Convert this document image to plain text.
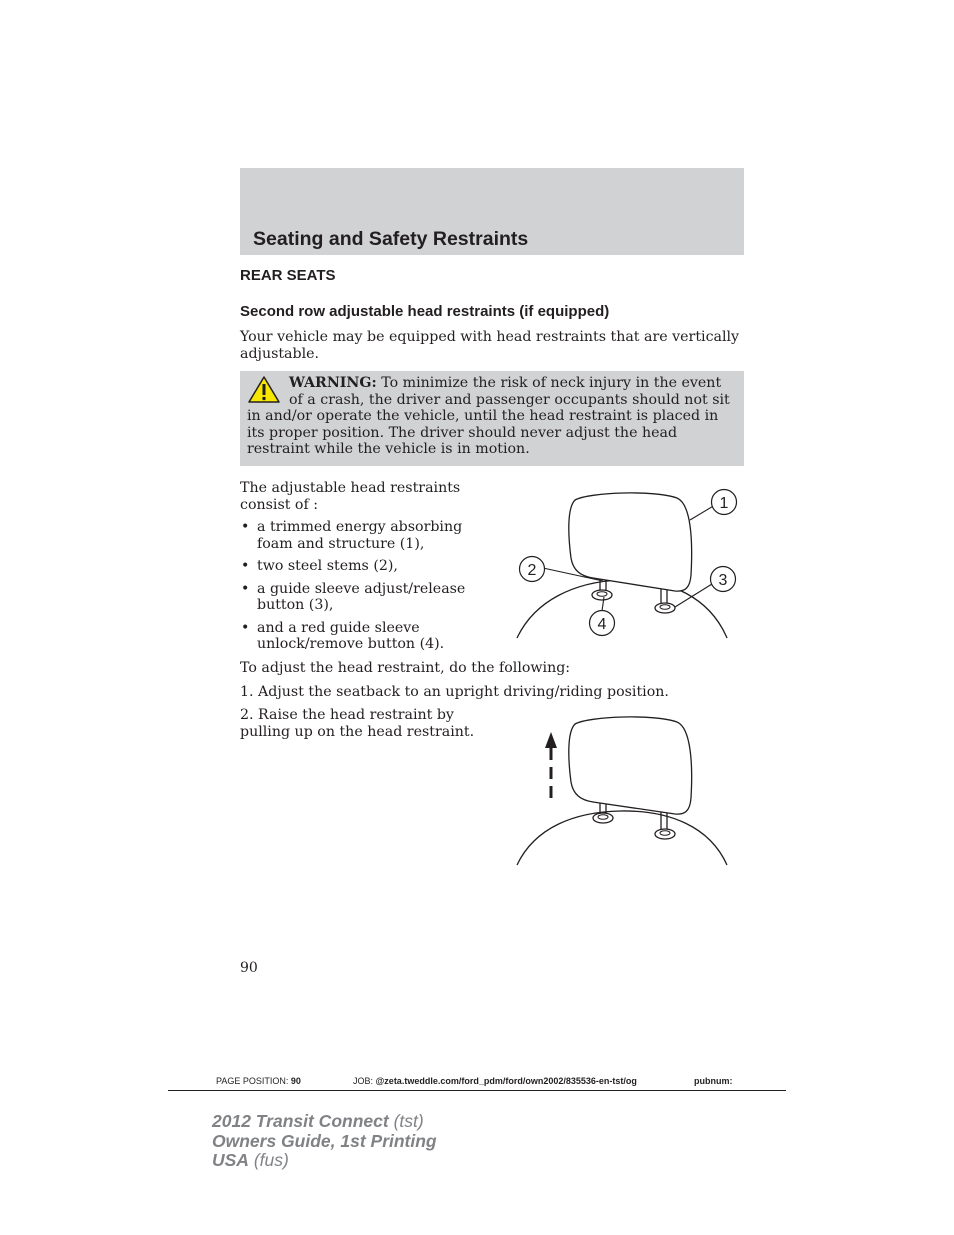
Seating and Safety Restraints
REAR SEATS
Second row adjustable head restraints (if equipped)
Your vehicle may be equipped with head restraints that are vertically adjustable.
WARNING: To minimize the risk of neck injury in the event of a crash, the driver and passenger occupants should not sit in and/or operate the vehicle, until the head restraint is placed in its proper position. The driver should never adjust the head restraint while the vehicle is in motion.
The adjustable head restraints consist of :
• a trimmed energy absorbing foam and structure (1),
• two steel stems (2),
• a guide sleeve adjust/release button (3),
• and a red guide sleeve unlock/remove button (4).
1
2
3
4
To adjust the head restraint, do the following:
1. Adjust the seatback to an upright driving/riding position.
2. Raise the head restraint by pulling up on the head restraint.
90
PAGE POSITION: 90	JOB: @zeta.tweddle.com/ford_pdm/ford/own2002/835536-en-tst/og	pubnum:
2012 Transit Connect (tst)
Owners Guide, 1st Printing
USA (fus)
